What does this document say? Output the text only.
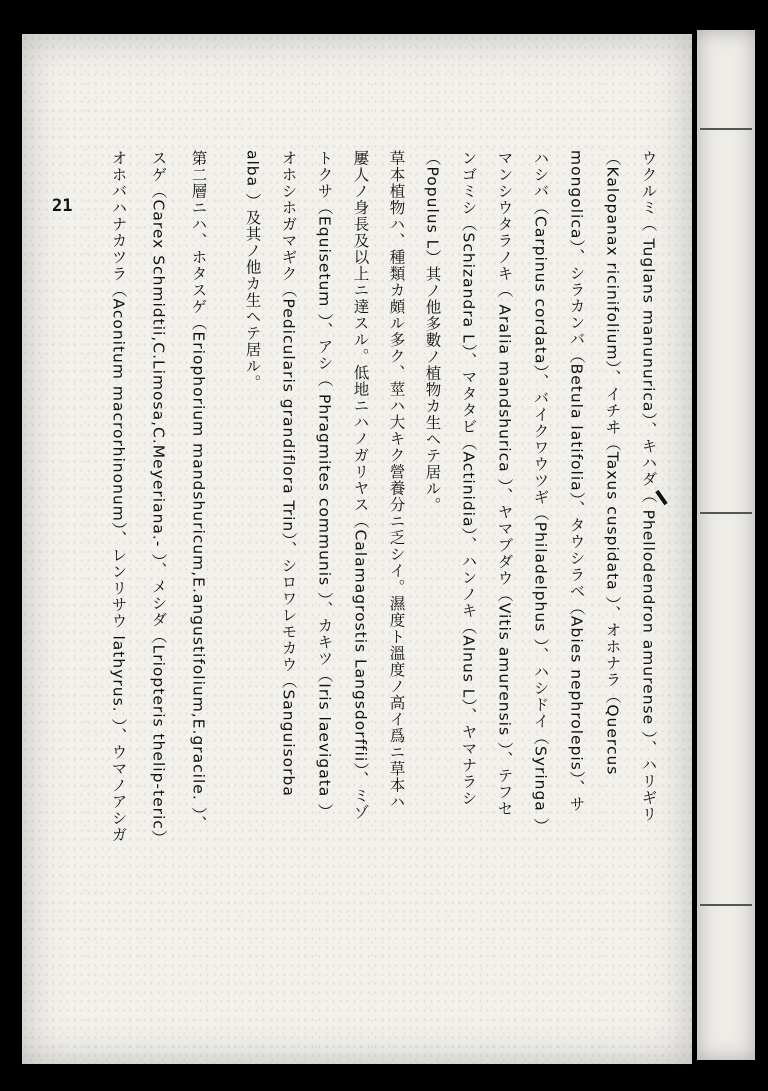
21	ウクルミ（ Tuglans manunurica）、キハダ（ Phellodendron amurense ）、ハリギリ
（Kalopanax ricinifolium）、イチヰ（Taxus cuspidata ）、オホナラ（Quercus
mongolica）、シラカンバ（Betula latifolia）、タウシラベ（Abies nephrolepis）、サ
ハシバ（Carpinus cordata）、バイクワウツギ（Philadelphus ）、ハシドイ（Syringa ）
マンシウタラノキ（ Aralia mandshurica ）、ヤマブダウ（Vitis amurensis ）、テフセ
ンゴミシ（Schizandra L）、マタタビ（Actinidia）、ハンノキ（Alnus L）、ヤマナラシ
（Populus L）其ノ他多數ノ植物カ生ヘテ居ル。
草本植物ハ、種類カ頗ル多ク、莖ハ大キク營養分ニ乏シイ。濕度ト溫度ノ高イ爲ニ草本ハ
屢人ノ身長及以上ニ達スル。低地ニハノガリヤス（Calamagrostis Langsdorffii）、ミゾ
トクサ（Equisetum ）、アシ（ Phragmites communis ）、カキツ（Iris laevigata ）
オホシホガマギク（Pedicularis grandiflora Trin）、シロワレモカウ（Sanguisorba
alba ）及其ノ他カ生ヘテ居ル。
第二層ニハ、ホタスゲ（Eriophorium mandshuricum,E.angustifolium,E.gracile. ）、
スゲ（Carex Schmidtii,C.Limosa,C.Meyeriana.- ）、メシダ（Lriopteris thelip-teric）
オホバハナカツラ（Aconitum macrorhinonum）、レンリサウ lathyrus. ）、ウマノアシガ
